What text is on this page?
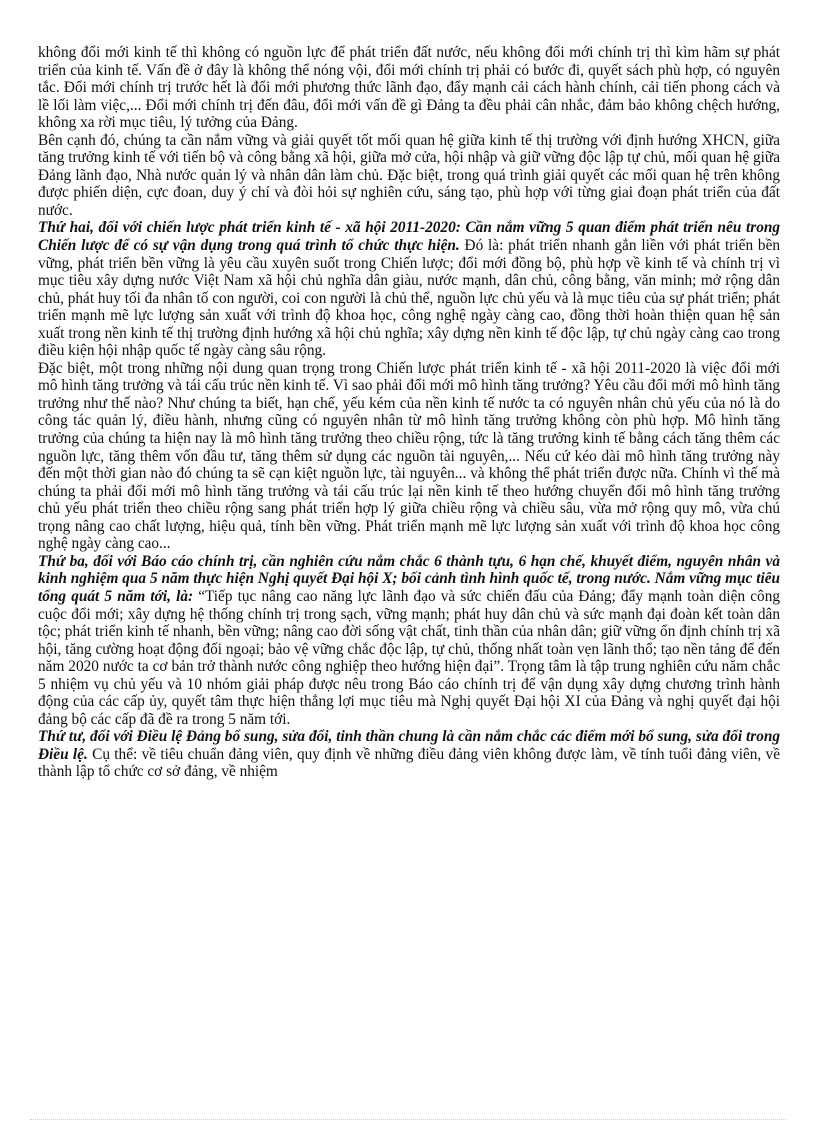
không đổi mới kinh tế thì không có nguồn lực để phát triển đất nước, nếu không đổi mới chính trị thì kìm hãm sự phát triển của kinh tế. Vấn đề ở đây là không thể nóng vội, đổi mới chính trị phải có bước đi, quyết sách phù hợp, có nguyên tắc. Đổi mới chính trị trước hết là đổi mới phương thức lãnh đạo, đẩy mạnh cải cách hành chính, cải tiến phong cách và lề lối làm việc,... Đổi mới chính trị đến đâu, đổi mới vấn đề gì Đảng ta đều phải cân nhắc, đảm bảo không chệch hướng, không xa rời mục tiêu, lý tưởng của Đảng.

Bên cạnh đó, chúng ta cần nắm vững và giải quyết tốt mối quan hệ giữa kinh tế thị trường với định hướng XHCN, giữa tăng trưởng kinh tế với tiến bộ và công bằng xã hội, giữa mở cửa, hội nhập và giữ vững độc lập tự chủ, mối quan hệ giữa Đảng lãnh đạo, Nhà nước quản lý và nhân dân làm chủ. Đặc biệt, trong quá trình giải quyết các mối quan hệ trên không được phiến diện, cực đoan, duy ý chí và đòi hỏi sự nghiên cứu, sáng tạo, phù hợp với từng giai đoạn phát triển của đất nước.

Thứ hai, đối với chiến lược phát triển kinh tế - xã hội 2011-2020: Cần nắm vững 5 quan điểm phát triển nêu trong Chiến lược để có sự vận dụng trong quá trình tổ chức thực hiện. Đó là: phát triển nhanh gắn liền với phát triển bền vững, phát triển bền vững là yêu cầu xuyên suốt trong Chiến lược; đổi mới đồng bộ, phù hợp về kinh tế và chính trị vì mục tiêu xây dựng nước Việt Nam xã hội chủ nghĩa dân giàu, nước mạnh, dân chủ, công bằng, văn minh; mở rộng dân chủ, phát huy tối đa nhân tố con người, coi con người là chủ thể, nguồn lực chủ yếu và là mục tiêu của sự phát triển; phát triển mạnh mẽ lực lượng sản xuất với trình độ khoa học, công nghệ ngày càng cao, đồng thời hoàn thiện quan hệ sản xuất trong nền kinh tế thị trường định hướng xã hội chủ nghĩa; xây dựng nền kinh tế độc lập, tự chủ ngày càng cao trong điều kiện hội nhập quốc tế ngày càng sâu rộng.

Đặc biệt, một trong những nội dung quan trọng trong Chiến lược phát triển kinh tế - xã hội 2011-2020 là việc đổi mới mô hình tăng trưởng và tái cấu trúc nền kinh tế. Vì sao phải đổi mới mô hình tăng trưởng? Yêu cầu đổi mới mô hình tăng trưởng như thế nào? Như chúng ta biết, hạn chế, yếu kém của nền kinh tế nước ta có nguyên nhân chủ yếu của nó là do công tác quản lý, điều hành, nhưng cũng có nguyên nhân từ mô hình tăng trưởng không còn phù hợp. Mô hình tăng trưởng của chúng ta hiện nay là mô hình tăng trưởng theo chiều rộng, tức là tăng trưởng kinh tế bằng cách tăng thêm các nguồn lực, tăng thêm vốn đầu tư, tăng thêm sử dụng các nguồn tài nguyên,... Nếu cứ kéo dài mô hình tăng trưởng này đến một thời gian nào đó chúng ta sẽ cạn kiệt nguồn lực, tài nguyên... và không thể phát triển được nữa. Chính vì thế mà chúng ta phải đổi mới mô hình tăng trưởng và tái cấu trúc lại nền kinh tế theo hướng chuyển đổi mô hình tăng trưởng chủ yếu phát triển theo chiều rộng sang phát triển hợp lý giữa chiều rộng và chiều sâu, vừa mở rộng quy mô, vừa chú trọng nâng cao chất lượng, hiệu quả, tính bền vững. Phát triển mạnh mẽ lực lượng sản xuất với trình độ khoa học công nghệ ngày càng cao...

Thứ ba, đối với Báo cáo chính trị, cần nghiên cứu nắm chắc 6 thành tựu, 6 hạn chế, khuyết điểm, nguyên nhân và kinh nghiệm qua 5 năm thực hiện Nghị quyết Đại hội X; bối cảnh tình hình quốc tế, trong nước. Nắm vững mục tiêu tổng quát 5 năm tới, là: “Tiếp tục nâng cao năng lực lãnh đạo và sức chiến đấu của Đảng; đẩy mạnh toàn diện công cuộc đổi mới; xây dựng hệ thống chính trị trong sạch, vững mạnh; phát huy dân chủ và sức mạnh đại đoàn kết toàn dân tộc; phát triển kinh tế nhanh, bền vững; nâng cao đời sống vật chất, tinh thần của nhân dân; giữ vững ổn định chính trị xã hội, tăng cường hoạt động đối ngoại; bảo vệ vững chắc độc lập, tự chủ, thống nhất toàn vẹn lãnh thổ; tạo nền tảng để đến năm 2020 nước ta cơ bản trở thành nước công nghiệp theo hướng hiện đại”. Trọng tâm là tập trung nghiên cứu năm chắc 5 nhiệm vụ chủ yếu và 10 nhóm giải pháp được nêu trong Báo cáo chính trị để vận dụng xây dựng chương trình hành động của các cấp ủy, quyết tâm thực hiện thắng lợi mục tiêu mà Nghị quyết Đại hội XI của Đảng và nghị quyết đại hội đảng bộ các cấp đã đề ra trong 5 năm tới.

Thứ tư, đối với Điều lệ Đảng bổ sung, sửa đổi, tinh thần chung là cần nắm chắc các điểm mới bổ sung, sửa đổi trong Điều lệ. Cụ thể: về tiêu chuẩn đảng viên, quy định về những điều đảng viên không được làm, về tính tuổi đảng viên, về thành lập tổ chức cơ sở đảng, về nhiệm
